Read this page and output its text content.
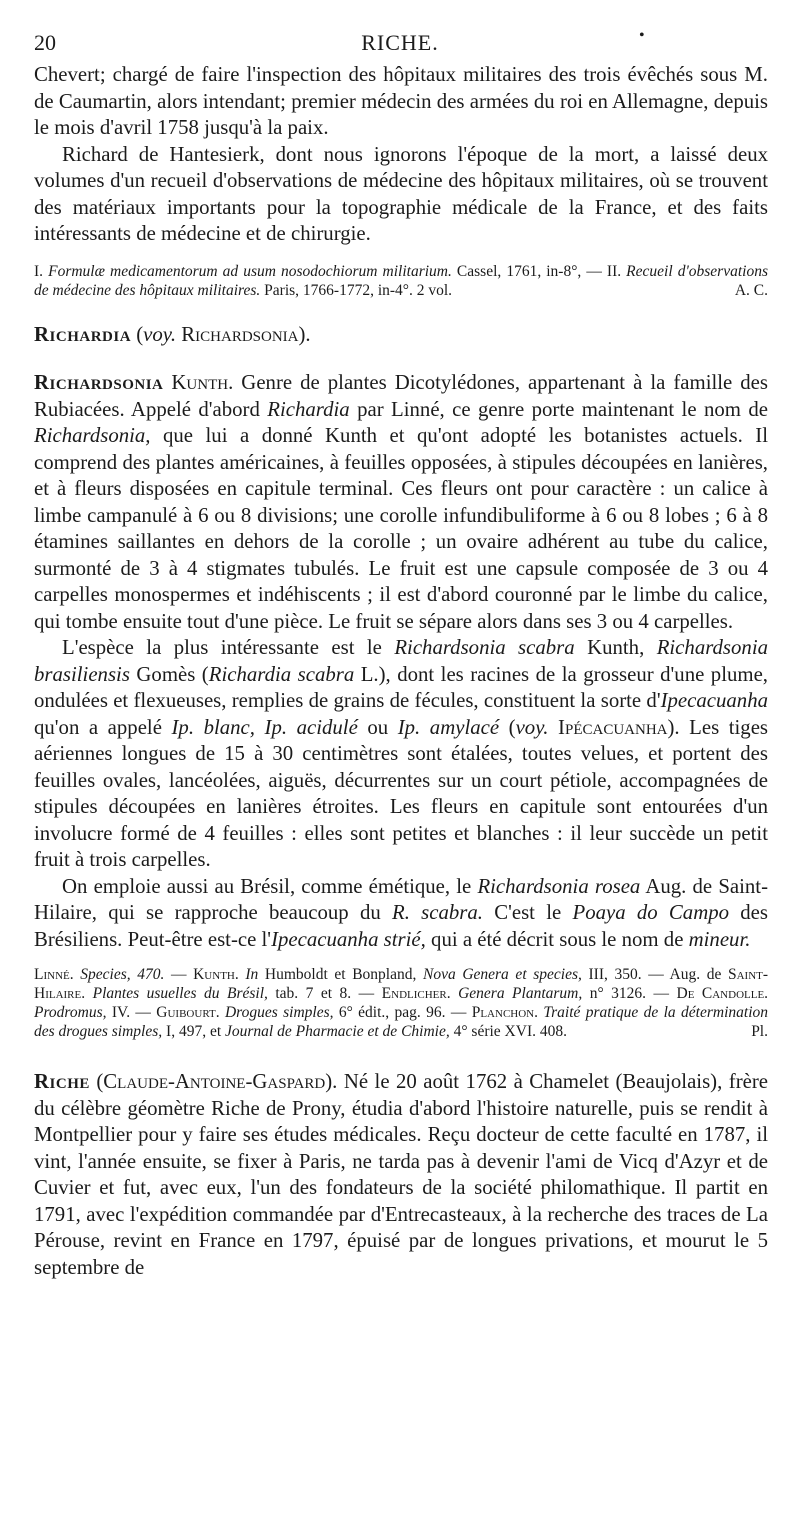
20	RICHE.	•

Chevert; chargé de faire l'inspection des hôpitaux militaires des trois évêchés sous M. de Caumartin, alors intendant; premier médecin des armées du roi en Allemagne, depuis le mois d'avril 1758 jusqu'à la paix.

Richard de Hantesierk, dont nous ignorons l'époque de la mort, a laissé deux volumes d'un recueil d'observations de médecine des hôpitaux militaires, où se trouvent des matériaux importants pour la topographie médicale de la France, et des faits intéressants de médecine et de chirurgie.

I. Formulæ medicamentorum ad usum nosodochiorum militarium. Cassel, 1761, in-8°, — II. Recueil d'observations de médecine des hôpitaux militaires. Paris, 1766-1772, in-4°. 2 vol.	A. C.

Richardia (voy. Richardsonia).

Richardsonia Kunth. Genre de plantes Dicotylédones, appartenant à la famille des Rubiacées. Appelé d'abord Richardia par Linné, ce genre porte maintenant le nom de Richardsonia, que lui a donné Kunth et qu'ont adopté les botanistes actuels. Il comprend des plantes américaines, à feuilles opposées, à stipules découpées en lanières, et à fleurs disposées en capitule terminal. Ces fleurs ont pour caractère : un calice à limbe campanulé à 6 ou 8 divisions; une corolle infundibuliforme à 6 ou 8 lobes ; 6 à 8 étamines saillantes en dehors de la corolle ; un ovaire adhérent au tube du calice, surmonté de 3 à 4 stigmates tubulés. Le fruit est une capsule composée de 3 ou 4 carpelles monospermes et indéhiscents ; il est d'abord couronné par le limbe du calice, qui tombe ensuite tout d'une pièce. Le fruit se sépare alors dans ses 3 ou 4 carpelles.

L'espèce la plus intéressante est le Richardsonia scabra Kunth, Richardsonia brasiliensis Gomès (Richardia scabra L.), dont les racines de la grosseur d'une plume, ondulées et flexueuses, remplies de grains de fécules, constituent la sorte d'Ipecacuanha qu'on a appelé Ip. blanc, Ip. acidulé ou Ip. amylacé (voy. Ipécacuanha). Les tiges aériennes longues de 15 à 30 centimètres sont étalées, toutes velues, et portent des feuilles ovales, lancéolées, aiguës, décurrentes sur un court pétiole, accompagnées de stipules découpées en lanières étroites. Les fleurs en capitule sont entourées d'un involucre formé de 4 feuilles : elles sont petites et blanches : il leur succède un petit fruit à trois carpelles.

On emploie aussi au Brésil, comme émétique, le Richardsonia rosea Aug. de Saint-Hilaire, qui se rapproche beaucoup du R. scabra. C'est le Poaya do Campo des Brésiliens. Peut-être est-ce l'Ipecacuanha strié, qui a été décrit sous le nom de mineur.

Linné. Species, 470. — Kunth. In Humboldt et Bonpland, Nova Genera et species, III, 350. — Aug. de Saint-Hilaire. Plantes usuelles du Brésil, tab. 7 et 8. — Endlicher. Genera Plantarum, n° 3126. — De Candolle. Prodromus, IV. — Guibourt. Drogues simples, 6° édit., pag. 96. — Planchon. Traité pratique de la détermination des drogues simples, I, 497, et Journal de Pharmacie et de Chimie, 4° série XVI. 408.	Pl.

Riche (Claude-Antoine-Gaspard). Né le 20 août 1762 à Chamelet (Beaujolais), frère du célèbre géomètre Riche de Prony, étudia d'abord l'histoire naturelle, puis se rendit à Montpellier pour y faire ses études médicales. Reçu docteur de cette faculté en 1787, il vint, l'année ensuite, se fixer à Paris, ne tarda pas à devenir l'ami de Vicq d'Azyr et de Cuvier et fut, avec eux, l'un des fondateurs de la société philomathique. Il partit en 1791, avec l'expédition commandée par d'Entrecasteaux, à la recherche des traces de La Pérouse, revint en France en 1797, épuisé par de longues privations, et mourut le 5 septembre de
